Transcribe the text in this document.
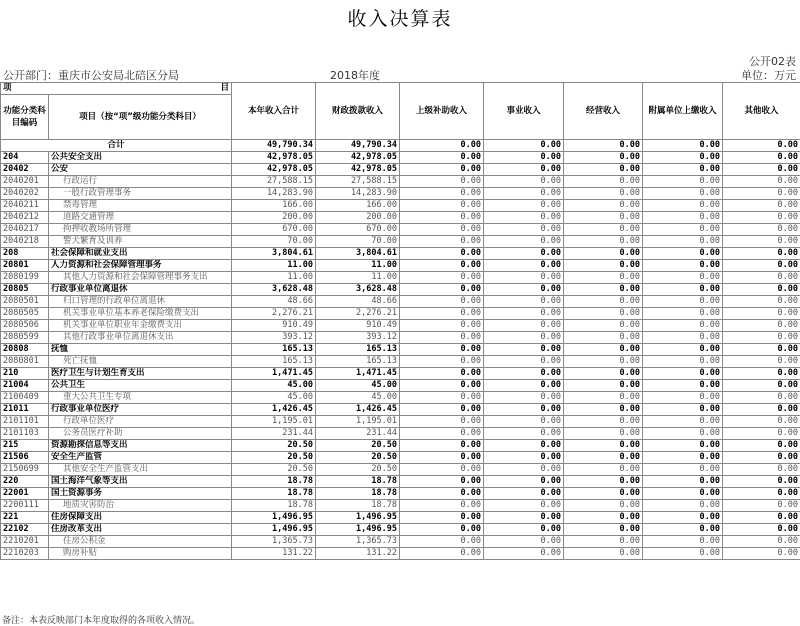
收入决算表
公开02表
公开部门：重庆市公安局北碚区分局	2018年度	单位：万元
项 目		本年收入合计	财政拨款收入	上级补助收入	事业收入	经营收入	附属单位上缴收入	其他收入
功能分类科目编码	项目（按“项”级功能分类科目）							
合计		49,790.34	49,790.34	0.00	0.00	0.00	0.00	0.00
204	公共安全支出	42,978.05	42,978.05	0.00	0.00	0.00	0.00	0.00
20402	公安	42,978.05	42,978.05	0.00	0.00	0.00	0.00	0.00
2040201	行政运行	27,588.15	27,588.15	0.00	0.00	0.00	0.00	0.00
2040202	一般行政管理事务	14,283.90	14,283.90	0.00	0.00	0.00	0.00	0.00
2040211	禁毒管理	166.00	166.00	0.00	0.00	0.00	0.00	0.00
2040212	道路交通管理	200.00	200.00	0.00	0.00	0.00	0.00	0.00
2040217	拘押收教场所管理	670.00	670.00	0.00	0.00	0.00	0.00	0.00
2040218	警犬繁育及训养	70.00	70.00	0.00	0.00	0.00	0.00	0.00
208	社会保障和就业支出	3,804.61	3,804.61	0.00	0.00	0.00	0.00	0.00
20801	人力资源和社会保障管理事务	11.00	11.00	0.00	0.00	0.00	0.00	0.00
2080199	其他人力资源和社会保障管理事务支出	11.00	11.00	0.00	0.00	0.00	0.00	0.00
20805	行政事业单位离退休	3,628.48	3,628.48	0.00	0.00	0.00	0.00	0.00
2080501	归口管理的行政单位离退休	48.66	48.66	0.00	0.00	0.00	0.00	0.00
2080505	机关事业单位基本养老保险缴费支出	2,276.21	2,276.21	0.00	0.00	0.00	0.00	0.00
2080506	机关事业单位职业年金缴费支出	910.49	910.49	0.00	0.00	0.00	0.00	0.00
2080599	其他行政事业单位离退休支出	393.12	393.12	0.00	0.00	0.00	0.00	0.00
20808	抚恤	165.13	165.13	0.00	0.00	0.00	0.00	0.00
2080801	死亡抚恤	165.13	165.13	0.00	0.00	0.00	0.00	0.00
210	医疗卫生与计划生育支出	1,471.45	1,471.45	0.00	0.00	0.00	0.00	0.00
21004	公共卫生	45.00	45.00	0.00	0.00	0.00	0.00	0.00
2100409	重大公共卫生专项	45.00	45.00	0.00	0.00	0.00	0.00	0.00
21011	行政事业单位医疗	1,426.45	1,426.45	0.00	0.00	0.00	0.00	0.00
2101101	行政单位医疗	1,195.01	1,195.01	0.00	0.00	0.00	0.00	0.00
2101103	公务员医疗补助	231.44	231.44	0.00	0.00	0.00	0.00	0.00
215	资源勘探信息等支出	20.50	20.50	0.00	0.00	0.00	0.00	0.00
21506	安全生产监管	20.50	20.50	0.00	0.00	0.00	0.00	0.00
2150699	其他安全生产监管支出	20.50	20.50	0.00	0.00	0.00	0.00	0.00
220	国土海洋气象等支出	18.78	18.78	0.00	0.00	0.00	0.00	0.00
22001	国土资源事务	18.78	18.78	0.00	0.00	0.00	0.00	0.00
2200111	地质灾害防治	18.78	18.78	0.00	0.00	0.00	0.00	0.00
221	住房保障支出	1,496.95	1,496.95	0.00	0.00	0.00	0.00	0.00
22102	住房改革支出	1,496.95	1,496.95	0.00	0.00	0.00	0.00	0.00
2210201	住房公积金	1,365.73	1,365.73	0.00	0.00	0.00	0.00	0.00
2210203	购房补贴	131.22	131.22	0.00	0.00	0.00	0.00	0.00
备注：本表反映部门本年度取得的各项收入情况。
